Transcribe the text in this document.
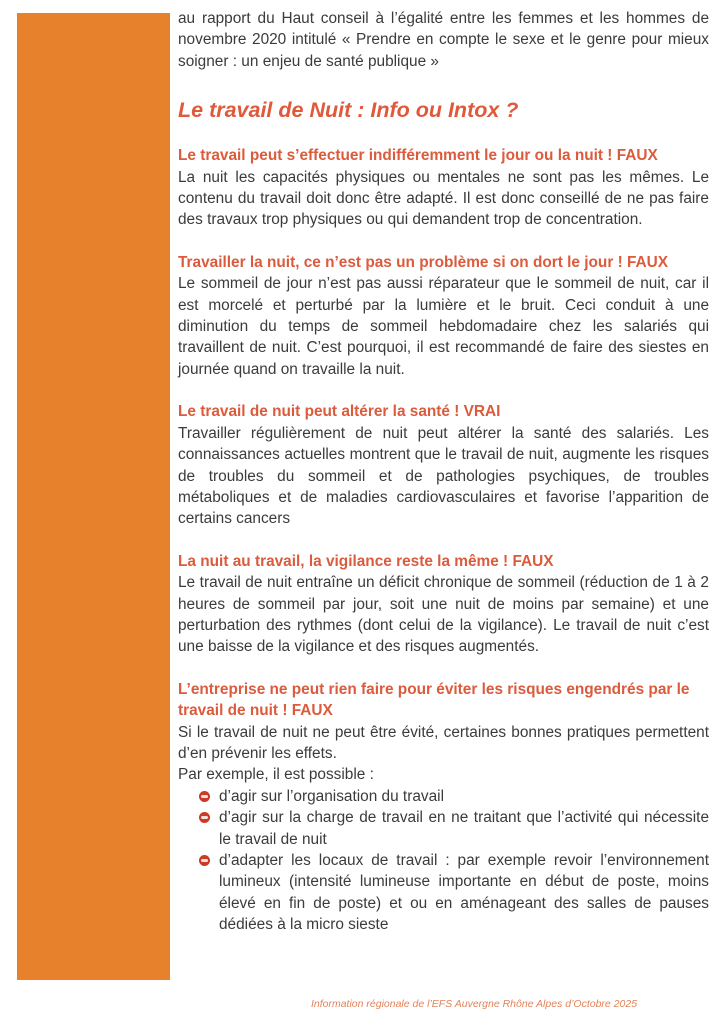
au rapport du Haut conseil à l’égalité entre les femmes et les hommes de novembre 2020 intitulé « Prendre en compte le sexe et le genre pour mieux soigner : un enjeu de santé publique »

Le travail de Nuit : Info ou Intox ?
Le travail peut s’effectuer indifféremment le jour ou la nuit ! FAUX

La nuit les capacités physiques ou mentales ne sont pas les mêmes. Le contenu du travail doit donc être adapté. Il est donc conseillé de ne pas faire des travaux trop physiques ou qui demandent trop de concentration.

Travailler la nuit, ce n’est pas un problème si on dort le jour ! FAUX

Le sommeil de jour n’est pas aussi réparateur que le sommeil de nuit, car il est morcelé et perturbé par la lumière et le bruit. Ceci conduit à une diminution du temps de sommeil hebdomadaire chez les salariés qui travaillent de nuit. C’est pourquoi, il est recommandé de faire des siestes en journée quand on travaille la nuit.

Le travail de nuit peut altérer la santé ! VRAI

Travailler régulièrement de nuit peut altérer la santé des salariés. Les connaissances actuelles montrent que le travail de nuit, augmente les risques de troubles du sommeil et de pathologies psychiques, de troubles métaboliques et de maladies cardiovasculaires et favorise l’apparition de certains cancers

La nuit au travail, la vigilance reste la même ! FAUX

Le travail de nuit entraîne un déficit chronique de sommeil (réduction de 1 à 2 heures de sommeil par jour, soit une nuit de moins par semaine) et une perturbation des rythmes (dont celui de la vigilance). Le travail de nuit c’est une baisse de la vigilance et des risques augmentés.

L’entreprise ne peut rien faire pour éviter les risques engendrés par le travail de nuit ! FAUX

Si le travail de nuit ne peut être évité, certaines bonnes pratiques permettent d’en prévenir les effets.

Par exemple, il est possible :

d’agir sur l’organisation du travail
d’agir sur la charge de travail en ne traitant que l’activité qui nécessite le travail de nuit
d’adapter les locaux de travail : par exemple revoir l’environnement lumineux (intensité lumineuse importante en début de poste, moins élevé en fin de poste) et ou en aménageant des salles de pauses dédiées à la micro sieste
Information régionale de l’EFS Auvergne Rhône Alpes d’Octobre 2025
